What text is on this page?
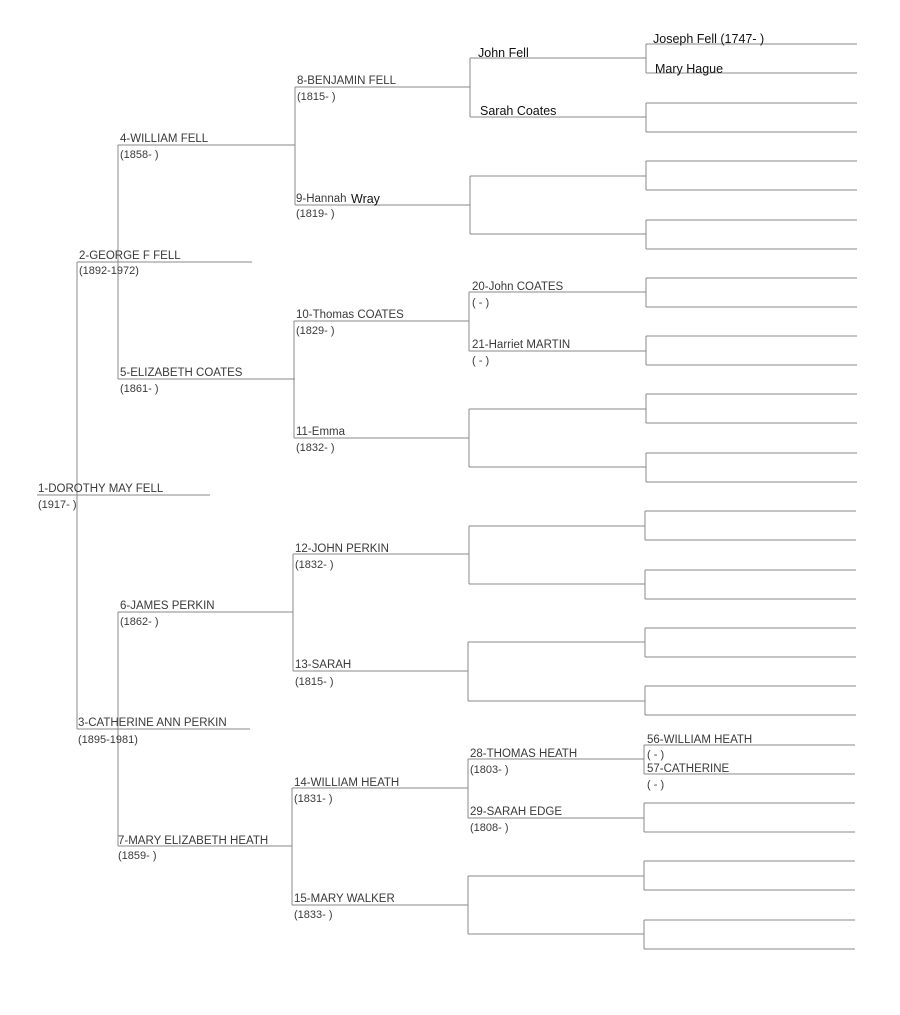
1-DOROTHY MAY FELL
(1917- )
2-GEORGE F FELL
(1892-1972)
3-CATHERINE ANN PERKIN
(1895-1981)
4-WILLIAM FELL
(1858- )
5-ELIZABETH COATES
(1861- )
6-JAMES PERKIN
(1862- )
7-MARY ELIZABETH HEATH
(1859- )
8-BENJAMIN FELL
(1815- )
9-Hannah Wray
(1819- )
10-Thomas COATES
(1829- )
11-Emma
(1832- )
12-JOHN PERKIN
(1832- )
13-SARAH
(1815- )
14-WILLIAM HEATH
(1831- )
15-MARY WALKER
(1833- )
John Fell
Sarah Coates
20-John COATES
( - )
21-Harriet MARTIN
( - )
28-THOMAS HEATH
(1803- )
29-SARAH EDGE
(1808- )
Joseph Fell (1747- )
Mary Hague
56-WILLIAM HEATH
( - )
57-CATHERINE
( - )
